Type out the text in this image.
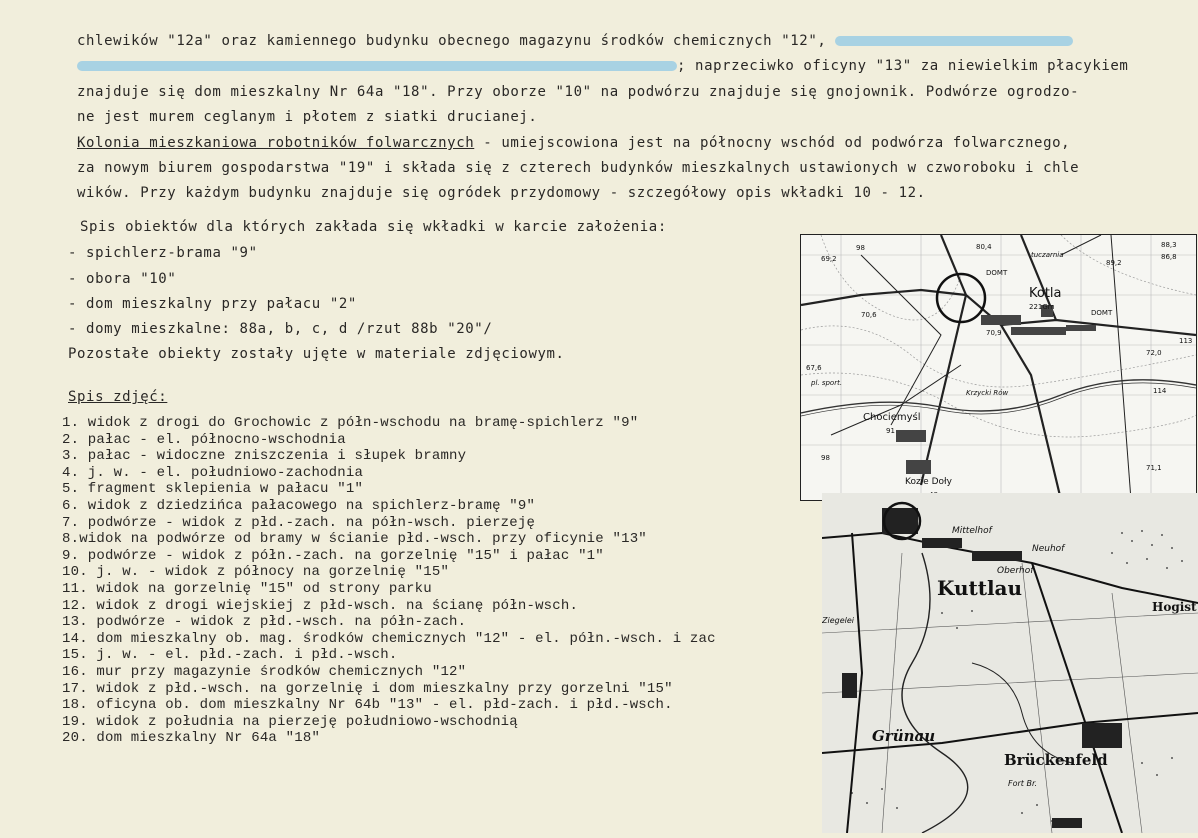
chlewików "12a" oraz kamiennego budynku obecnego magazynu środków chemicznych "12",
; naprzeciwko oficyny "13" za niewielkim płacykiem
znajduje się dom mieszkalny Nr 64a "18". Przy oborze "10" na podwórzu znajduje się gnojownik. Podwórze ogrodzo-
ne jest murem ceglanym i płotem z siatki drucianej.
Kolonia mieszkaniowa robotników folwarcznych - umiejscowiona jest na północny wschód od podwórza folwarcznego,
za nowym biurem gospodarstwa "19" i składa się z czterech budynków mieszkalnych ustawionych w czworoboku i chle
wików. Przy każdym budynku znajduje się ogródek przydomowy - szczegółowy opis wkładki 10 - 12.
Spis obiektów dla których zakłada się wkładki w karcie założenia:
- spichlerz-brama "9"
- obora "10"
- dom mieszkalny przy pałacu "2"
- domy mieszkalne: 88a, b, c, d /rzut 88b "20"/
Pozostałe obiekty zostały ujęte w materiale zdjęciowym.
Spis zdjęć:
1. widok z drogi do Grochowic z półn-wschodu na bramę-spichlerz "9"
2. pałac - el. północno-wschodnia
3. pałac - widoczne zniszczenia i słupek bramny
4. j. w. - el. południowo-zachodnia
5. fragment sklepienia w pałacu "1"
6. widok z dziedzińca pałacowego na spichlerz-bramę "9"
7. podwórze - widok z płd.-zach. na półn-wsch. pierzeję
8.widok na podwórze od bramy w ścianie płd.-wsch. przy oficynie "13"
9. podwórze - widok z półn.-zach. na gorzelnię "15" i pałac "1"
10. j. w. - widok z północy na gorzelnię "15"
11. widok na gorzelnię "15" od strony parku
12. widok z drogi wiejskiej z płd-wsch. na ścianę półn-wsch.
13. podwórze - widok z płd.-wsch. na półn-zach.
14. dom mieszkalny ob. mag. środków chemicznych "12" - el. półn.-wsch. i zac
15. j. w. - el. płd.-zach. i płd.-wsch.
16. mur przy magazynie środków chemicznych "12"
17. widok z płd.-wsch. na gorzelnię i dom mieszkalny przy gorzelni "15"
18. oficyna ob. dom mieszkalny Nr 64b "13" - el. płd-zach. i płd.-wsch.
19. widok z południa na pierzeję południowo-wschodnią
20. dom mieszkalny Nr 64a "18"
Kotla
221Gm
Chociemyśl
Kozie Doły
Krzycki Rów
pl. sport.
DOMT
DOMT
tuczarnia
80,4	88,3
89,2
86,8
69,2
70,6
70,9
72,0
67,6
71,1
91
98
113
114
98
Kuttlau
Grünau
Brückenfeld
Oberhof
Mittelhof
Neuhof
Hogist
Fort Br.
Ziegelei
